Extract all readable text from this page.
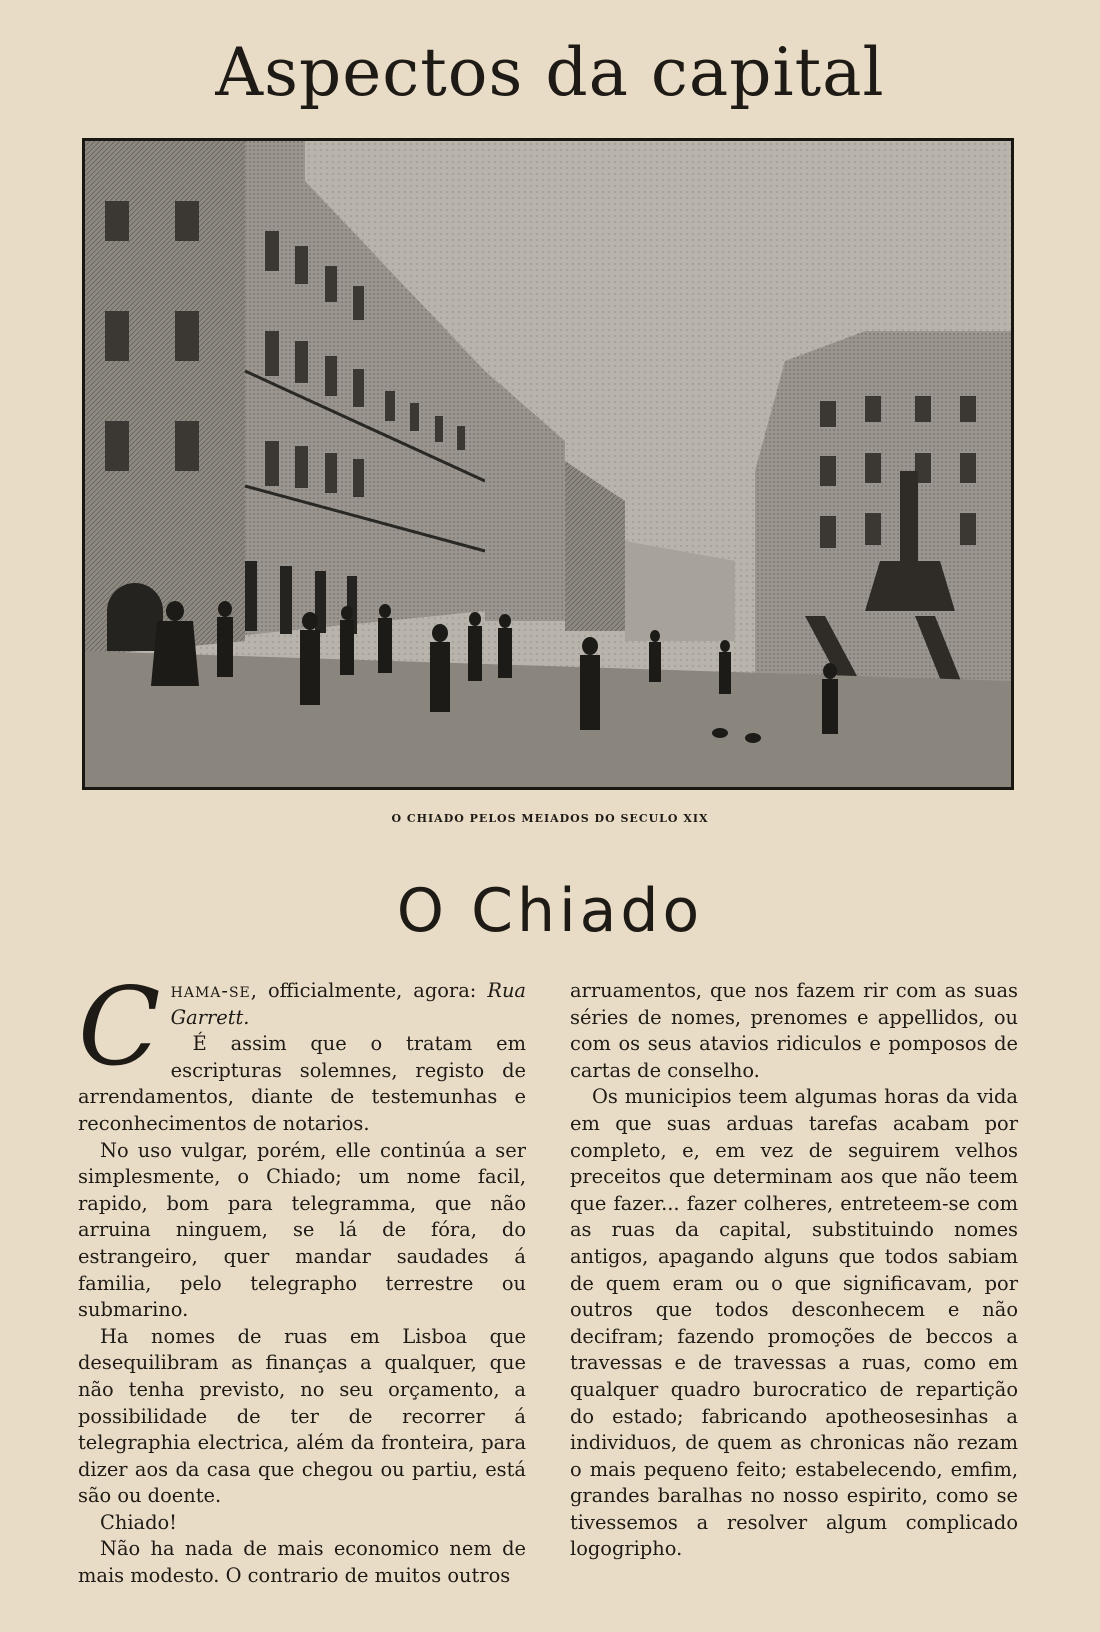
Aspectos da capital
O CHIADO PELOS MEIADOS DO SECULO XIX
O Chiado

Chama-se, officialmente, agora: Rua Garrett.

É assim que o tratam em escripturas solemnes, registo de arrendamentos, diante de testemunhas e reconhecimentos de notarios.

No uso vulgar, porém, elle continúa a ser simplesmente, o Chiado; um nome facil, rapido, bom para telegramma, que não arruina ninguem, se lá de fóra, do estrangeiro, quer mandar saudades á familia, pelo telegrapho terrestre ou submarino.

Ha nomes de ruas em Lisboa que desequilibram as finanças a qualquer, que não tenha previsto, no seu orçamento, a possibilidade de ter de recorrer á telegraphia electrica, além da fronteira, para dizer aos da casa que chegou ou partiu, está são ou doente.

Chiado!

Não ha nada de mais economico nem de mais modesto. O contrario de muitos outros

arruamentos, que nos fazem rir com as suas séries de nomes, prenomes e appellidos, ou com os seus atavios ridiculos e pomposos de cartas de conselho.

Os municipios teem algumas horas da vida em que suas arduas tarefas acabam por completo, e, em vez de seguirem velhos preceitos que determinam aos que não teem que fazer... fazer colheres, entreteem-se com as ruas da capital, substituindo nomes antigos, apagando alguns que todos sabiam de quem eram ou o que significavam, por outros que todos desconhecem e não decifram; fazendo promoções de beccos a travessas e de travessas a ruas, como em qualquer quadro burocratico de repartição do estado; fabricando apotheosesinhas a individuos, de quem as chronicas não rezam o mais pequeno feito; estabelecendo, emfim, grandes baralhas no nosso espirito, como se tivessemos a resolver algum complicado logogripho.
